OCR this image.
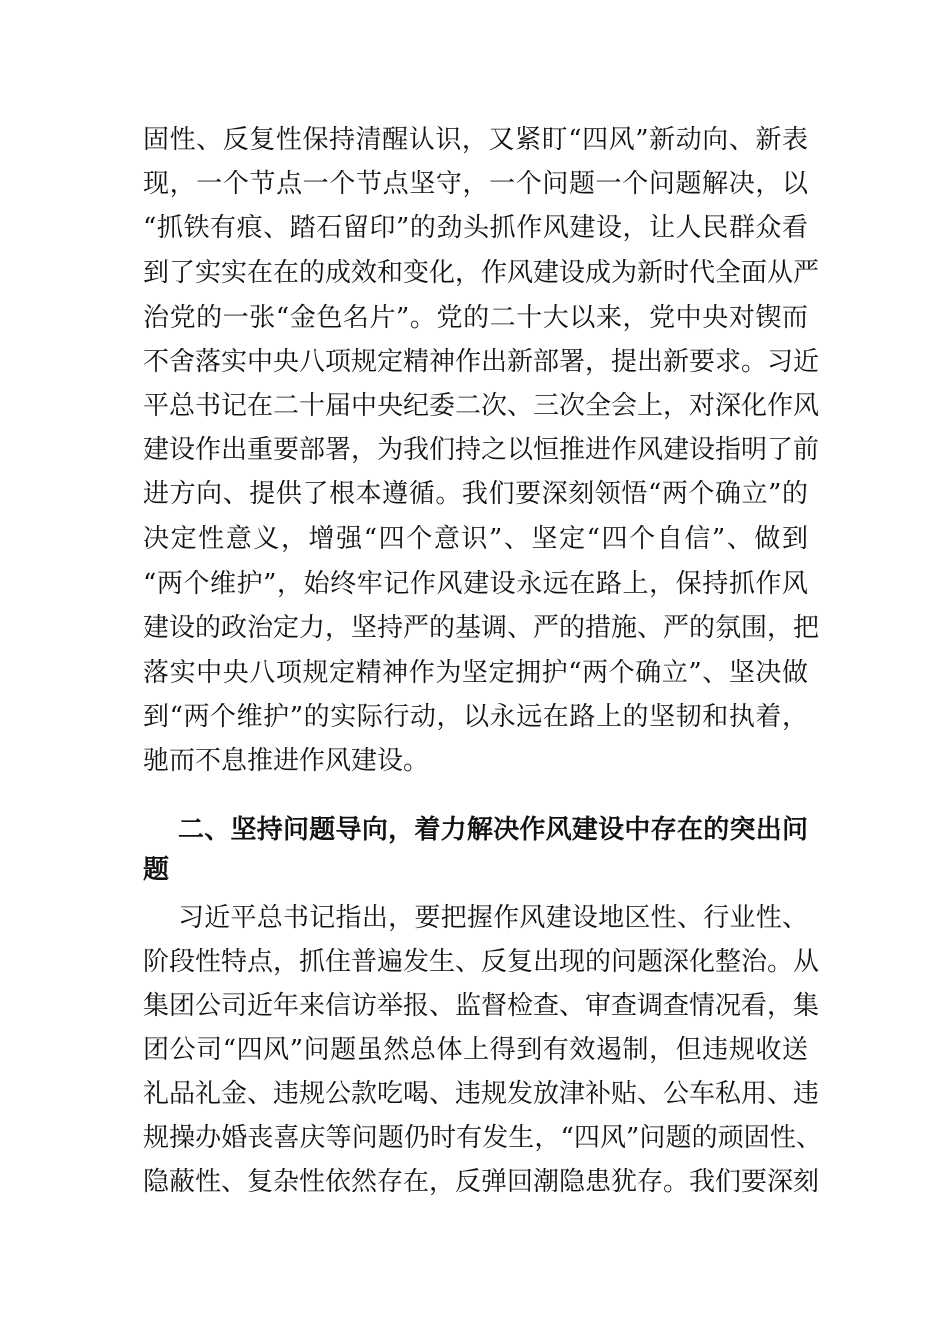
固性、反复性保持清醒认识，又紧盯“四风”新动向、新表
现，一个节点一个节点坚守，一个问题一个问题解决，以
“抓铁有痕、踏石留印”的劲头抓作风建设，让人民群众看
到了实实在在的成效和变化，作风建设成为新时代全面从严
治党的一张“金色名片”。党的二十大以来，党中央对锲而
不舍落实中央八项规定精神作出新部署，提出新要求。习近
平总书记在二十届中央纪委二次、三次全会上，对深化作风
建设作出重要部署，为我们持之以恒推进作风建设指明了前
进方向、提供了根本遵循。我们要深刻领悟“两个确立”的
决定性意义，增强“四个意识”、坚定“四个自信”、做到
“两个维护”，始终牢记作风建设永远在路上，保持抓作风
建设的政治定力，坚持严的基调、严的措施、严的氛围，把
落实中央八项规定精神作为坚定拥护“两个确立”、坚决做
到“两个维护”的实际行动，以永远在路上的坚韧和执着，
驰而不息推进作风建设。
二、坚持问题导向，着力解决作风建设中存在的突出问
题
习近平总书记指出，要把握作风建设地区性、行业性、
阶段性特点，抓住普遍发生、反复出现的问题深化整治。从
集团公司近年来信访举报、监督检查、审查调查情况看，集
团公司“四风”问题虽然总体上得到有效遏制，但违规收送
礼品礼金、违规公款吃喝、违规发放津补贴、公车私用、违
规操办婚丧喜庆等问题仍时有发生，“四风”问题的顽固性、
隐蔽性、复杂性依然存在，反弹回潮隐患犹存。我们要深刻
